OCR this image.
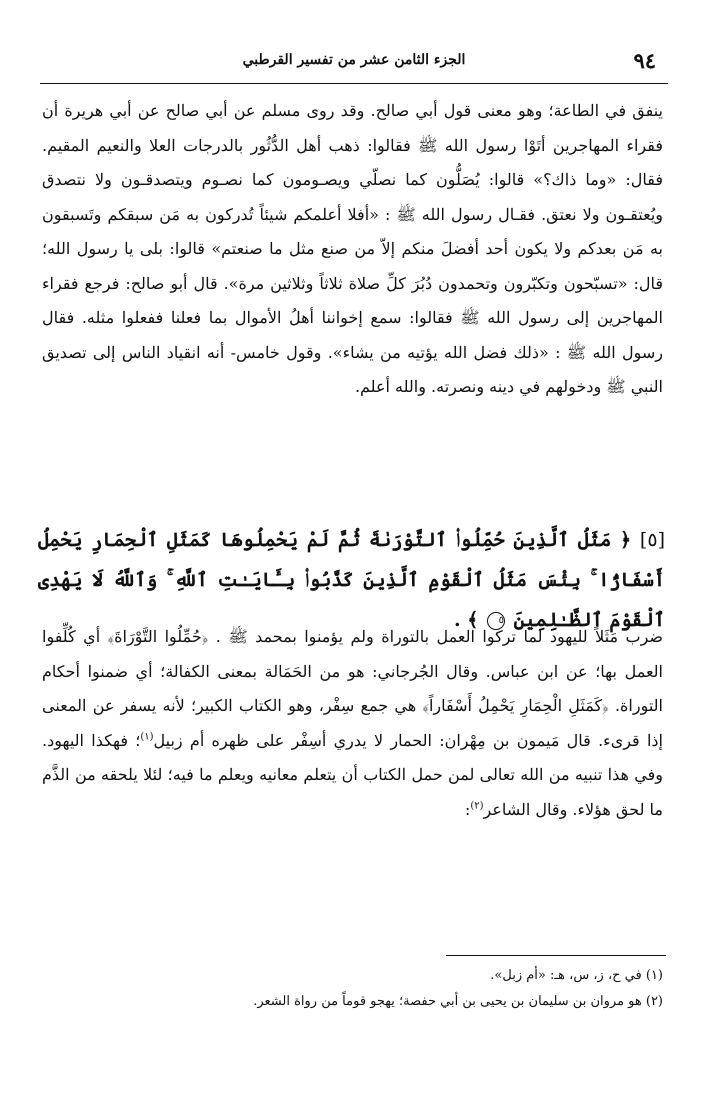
٩٤
الجزء الثامن عشر من تفسير القرطبي
ينفق في الطاعة؛ وهو معنى قول أبي صالح. وقد روى مسلم عن أبي صالح عن أبي هريرة أن فقراء المهاجرين أتَوْا رسول الله ﷺ فقالوا: ذهب أهل الدُّثُور بالدرجات العلا والنعيم المقيم. فقال: «وما ذاك؟» قالوا: يُصَلُّون كما نصلّي ويصـومون كما نصـوم ويتصدقـون ولا نتصدق ويُعتقـون ولا نعتق. فقـال رسول الله ﷺ : «أفلا أعلمكم شيئاً تُدركون به مَن سبقكم وتَسبقون به مَن بعدكم ولا يكون أحد أفضلَ منكم إلاّ من صنع مثل ما صنعتم» قالوا: بلى يا رسول الله؛ قال: «تسبّحون وتكبّرون وتحمدون دُبُرَ كلِّ صلاة ثلاثاً وثلاثين مرة». قال أبو صالح: فرجع فقراء المهاجرين إلى رسول الله ﷺ فقالوا: سمع إخواننا أهلُ الأموال بما فعلنا ففعلوا مثله. فقال رسول الله ﷺ : «ذلك فضل الله يؤتيه من يشاء». وقول خامس- أنه انقياد الناس إلى تصديق النبي ﷺ ودخولهم في دينه ونصرته. والله أعلم.
[٥] ﴿ مَثَلُ ٱلَّذِينَ حُمِّلُوا۟ ٱلتَّوْرَىٰةَ ثُمَّ لَمْ يَحْمِلُوهَا كَمَثَلِ ٱلْحِمَارِ يَحْمِلُ أَسْفَارًۢا ۚ بِئْسَ مَثَلُ ٱلْقَوْمِ ٱلَّذِينَ كَذَّبُوا۟ بِـَٔايَـٰتِ ٱللَّهِ ۚ وَٱللَّهُ لَا يَهْدِى ٱلْقَوْمَ ٱلظَّـٰلِمِينَ ٥ ﴾ .
ضرب مَثَلاً لليهود لما تركوا العمل بالتوراة ولم يؤمنوا بمحمد ﷺ . ﴿حُمِّلُوا التَّوْرَاةَ﴾ أي كُلِّفوا العمل بها؛ عن ابن عباس. وقال الجُرجاني: هو من الحَمَالة بمعنى الكفالة؛ أي ضمنوا أحكام التوراة. ﴿كَمَثَلِ الْحِمَارِ يَحْمِلُ أَسْفَاراً﴾ هي جمع سِفْر، وهو الكتاب الكبير؛ لأنه يسفر عن المعنى إذا قرىء. قال مَيمون بن مِهْران: الحمار لا يدري أسِفْر على ظهره أم زبيل$^{(١)}$؛ فهكذا اليهود. وفي هذا تنبيه من الله تعالى لمن حمل الكتاب أن يتعلم معانيه ويعلم ما فيه؛ لئلا يلحقه من الذَّم ما لحق هؤلاء. وقال الشاعر$^{(٢)}$:
(١) في ح، ز، س، هـ: «أم زبل».
(٢) هو مروان بن سليمان بن يحيى بن أبي حفصة؛ يهجو قوماً من رواة الشعر.
